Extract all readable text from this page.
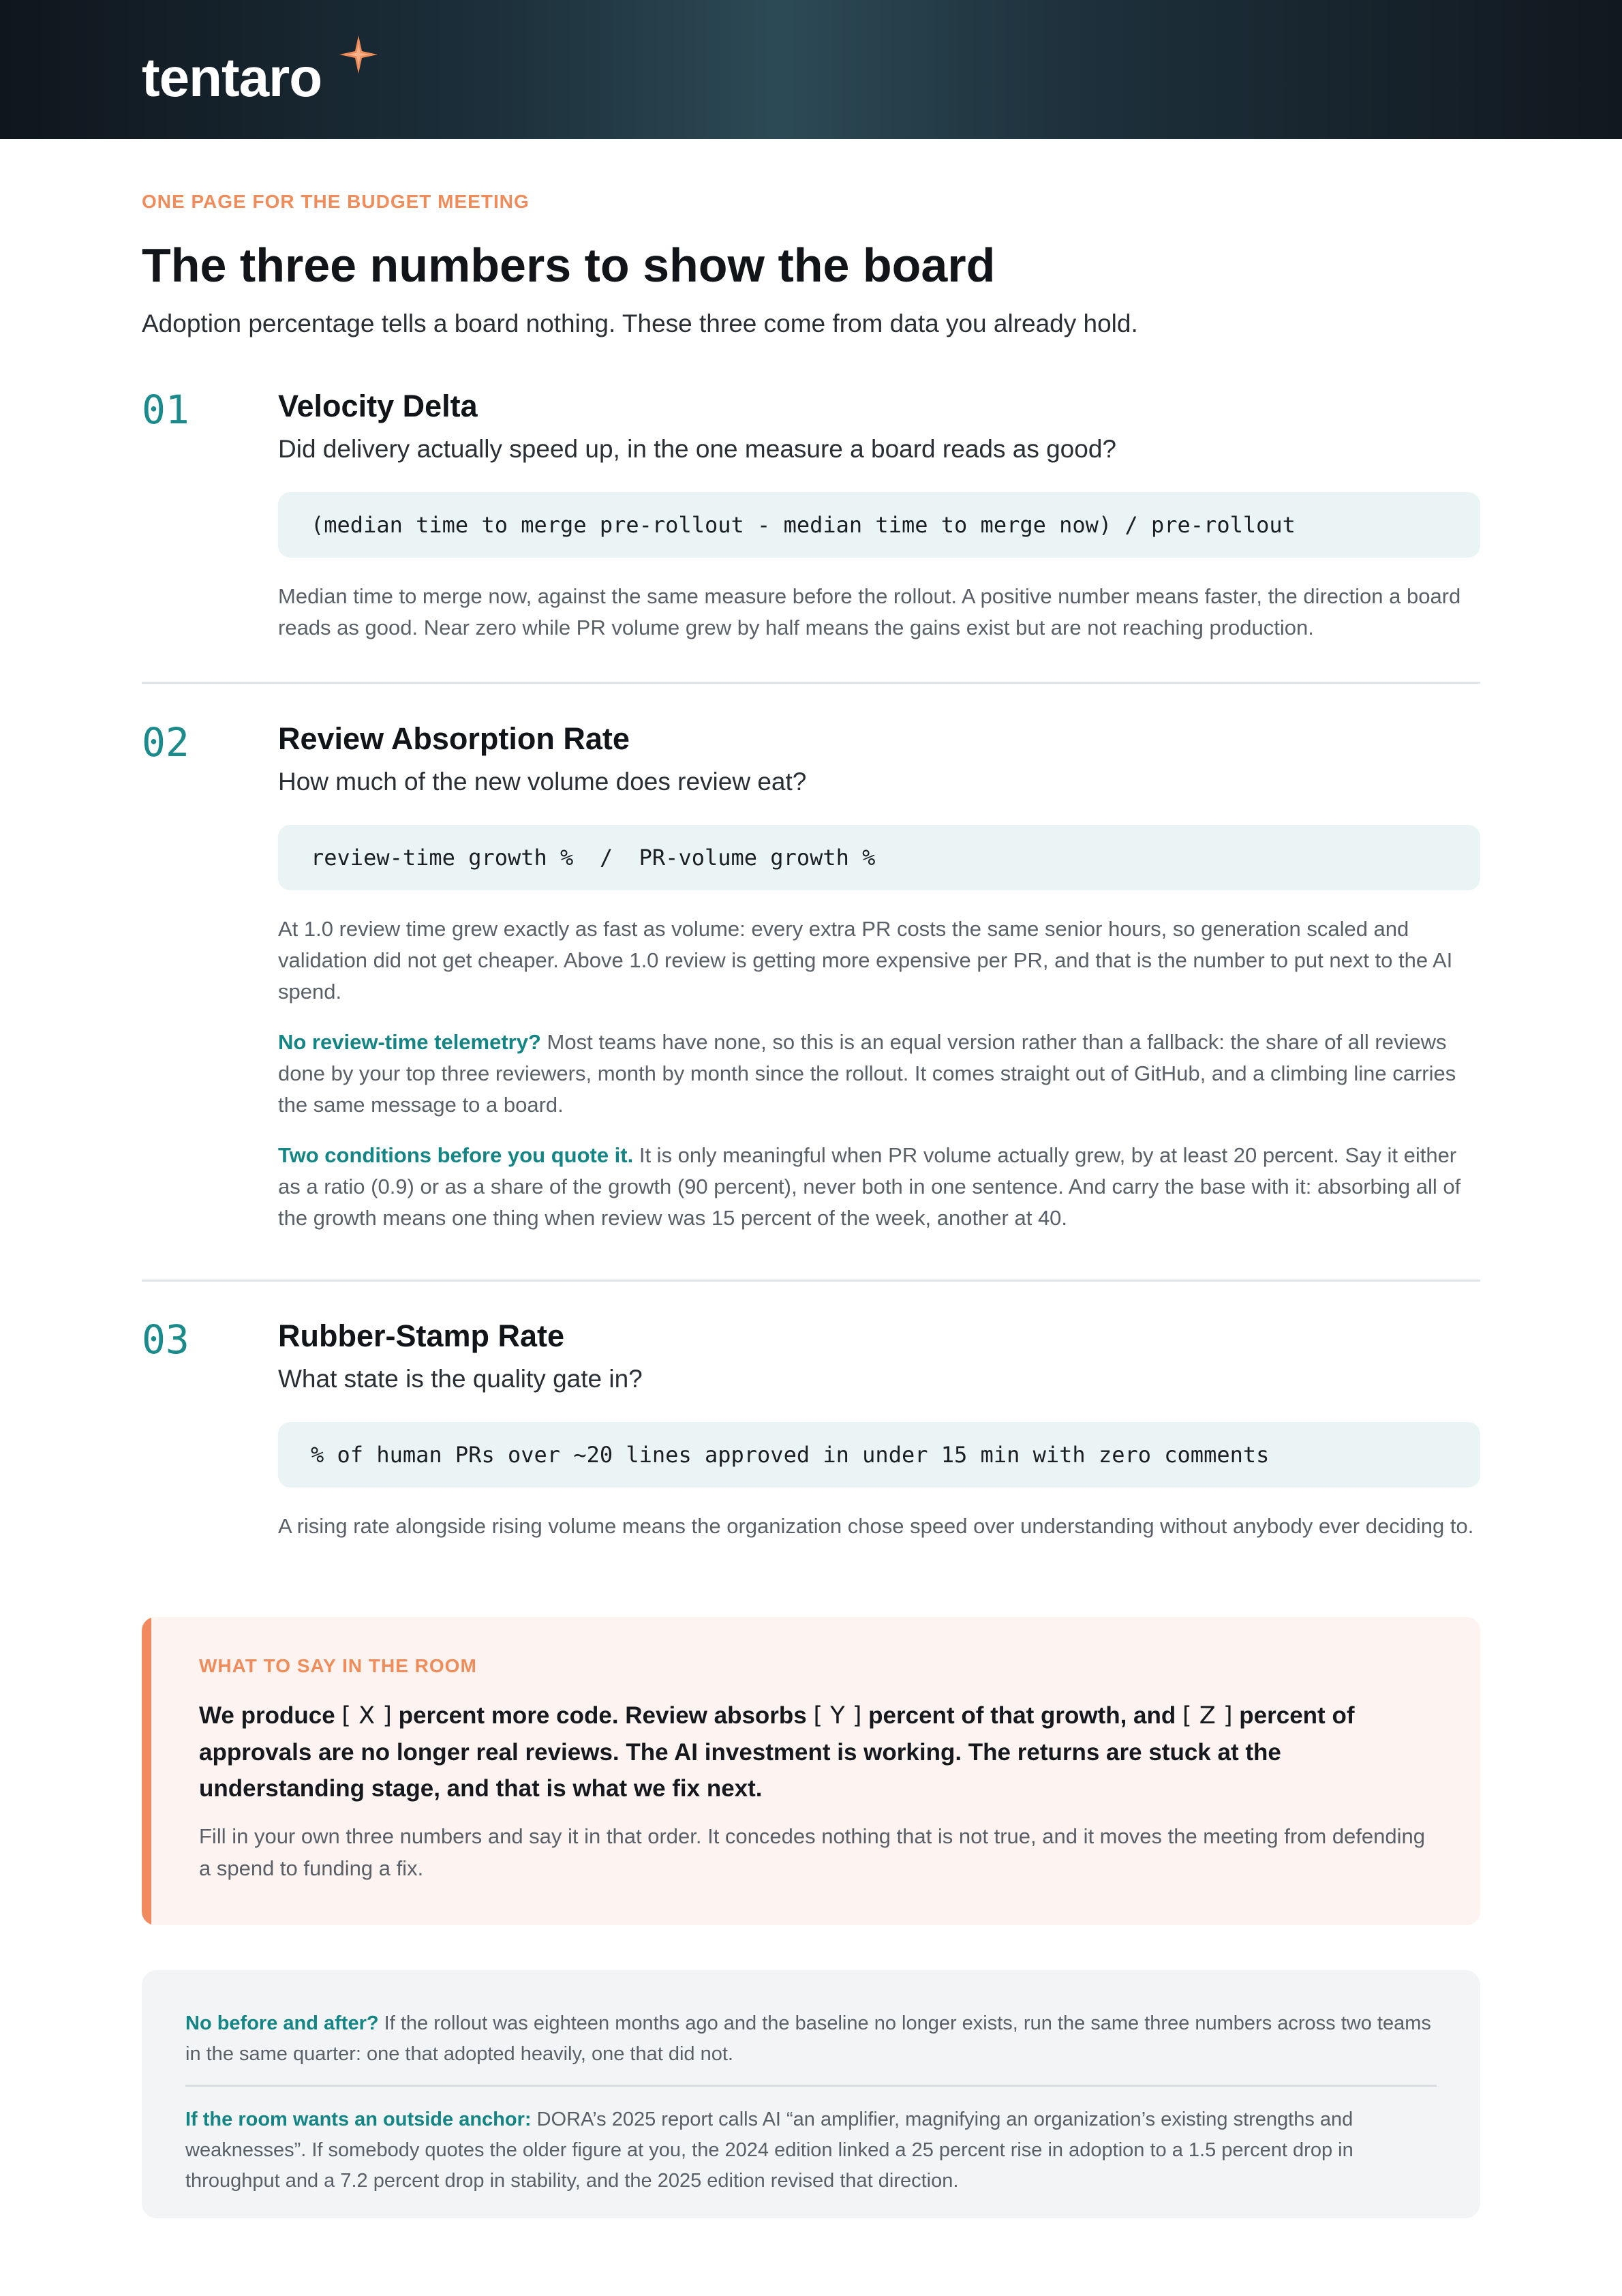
tentaro
ONE PAGE FOR THE BUDGET MEETING
The three numbers to show the board
Adoption percentage tells a board nothing. These three come from data you already hold.
01	Velocity Delta
Did delivery actually speed up, in the one measure a board reads as good?
(median time to merge pre-rollout - median time to merge now) / pre-rollout
Median time to merge now, against the same measure before the rollout. A positive number means faster, the direction a board reads as good. Near zero while PR volume grew by half means the gains exist but are not reaching production.
02	Review Absorption Rate
How much of the new volume does review eat?
review-time growth %  /  PR-volume growth %
At 1.0 review time grew exactly as fast as volume: every extra PR costs the same senior hours, so generation scaled and validation did not get cheaper. Above 1.0 review is getting more expensive per PR, and that is the number to put next to the AI spend.
No review-time telemetry? Most teams have none, so this is an equal version rather than a fallback: the share of all reviews done by your top three reviewers, month by month since the rollout. It comes straight out of GitHub, and a climbing line carries the same message to a board.
Two conditions before you quote it. It is only meaningful when PR volume actually grew, by at least 20 percent. Say it either as a ratio (0.9) or as a share of the growth (90 percent), never both in one sentence. And carry the base with it: absorbing all of the growth means one thing when review was 15 percent of the week, another at 40.
03	Rubber-Stamp Rate
What state is the quality gate in?
% of human PRs over ~20 lines approved in under 15 min with zero comments
A rising rate alongside rising volume means the organization chose speed over understanding without anybody ever deciding to.
WHAT TO SAY IN THE ROOM
We produce [ X ] percent more code. Review absorbs [ Y ] percent of that growth, and [ Z ] percent of approvals are no longer real reviews. The AI investment is working. The returns are stuck at the understanding stage, and that is what we fix next.
Fill in your own three numbers and say it in that order. It concedes nothing that is not true, and it moves the meeting from defending a spend to funding a fix.
No before and after? If the rollout was eighteen months ago and the baseline no longer exists, run the same three numbers across two teams in the same quarter: one that adopted heavily, one that did not.
If the room wants an outside anchor: DORA’s 2025 report calls AI “an amplifier, magnifying an organization’s existing strengths and weaknesses”. If somebody quotes the older figure at you, the 2024 edition linked a 25 percent rise in adoption to a 1.5 percent drop in throughput and a 7.2 percent drop in stability, and the 2025 edition revised that direction.
